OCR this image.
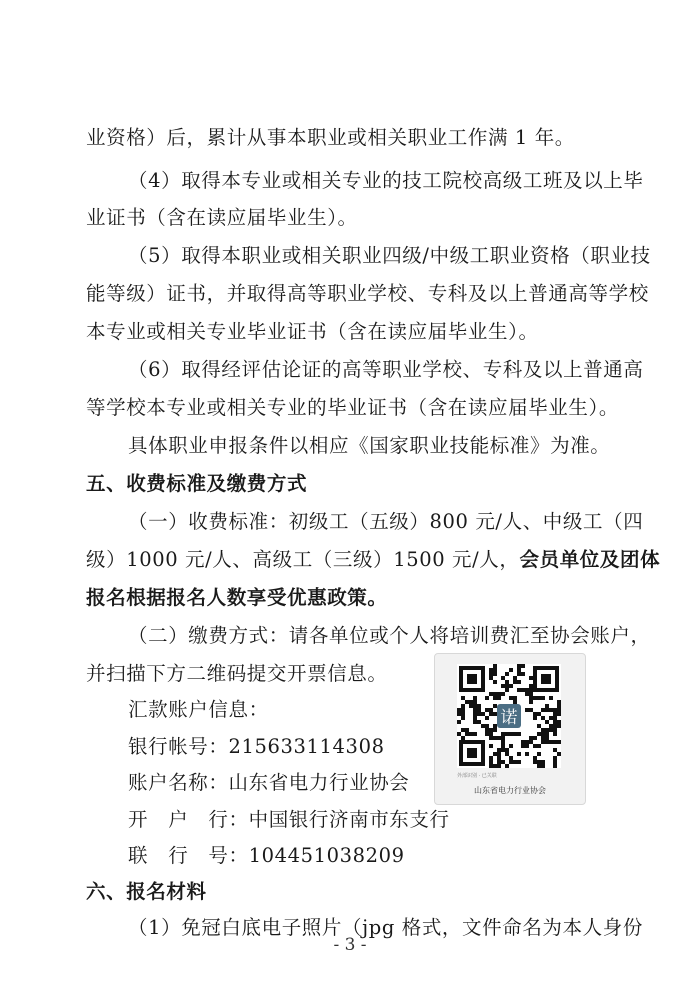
业资格）后，累计从事本职业或相关职业工作满 1 年。
（4）取得本专业或相关专业的技工院校高级工班及以上毕
业证书（含在读应届毕业生）。
（5）取得本职业或相关职业四级/中级工职业资格（职业技
能等级）证书，并取得高等职业学校、专科及以上普通高等学校
本专业或相关专业毕业证书（含在读应届毕业生）。
（6）取得经评估论证的高等职业学校、专科及以上普通高
等学校本专业或相关专业的毕业证书（含在读应届毕业生）。
具体职业申报条件以相应《国家职业技能标准》为准。
五、收费标准及缴费方式
（一）收费标准：初级工（五级）800 元/人、中级工（四
级）1000 元/人、高级工（三级）1500 元/人，会员单位及团体
报名根据报名人数享受优惠政策。
（二）缴费方式：请各单位或个人将培训费汇至协会账户，
并扫描下方二维码提交开票信息。
汇款账户信息：
银行帐号：215633114308
账户名称：山东省电力行业协会
开　户　行：中国银行济南市东支行
联　行　号：104451038209
六、报名材料
（1）免冠白底电子照片（jpg 格式，文件命名为本人身份
诺
外部识别 · 已关联
山东省电力行业协会
- 3 -
